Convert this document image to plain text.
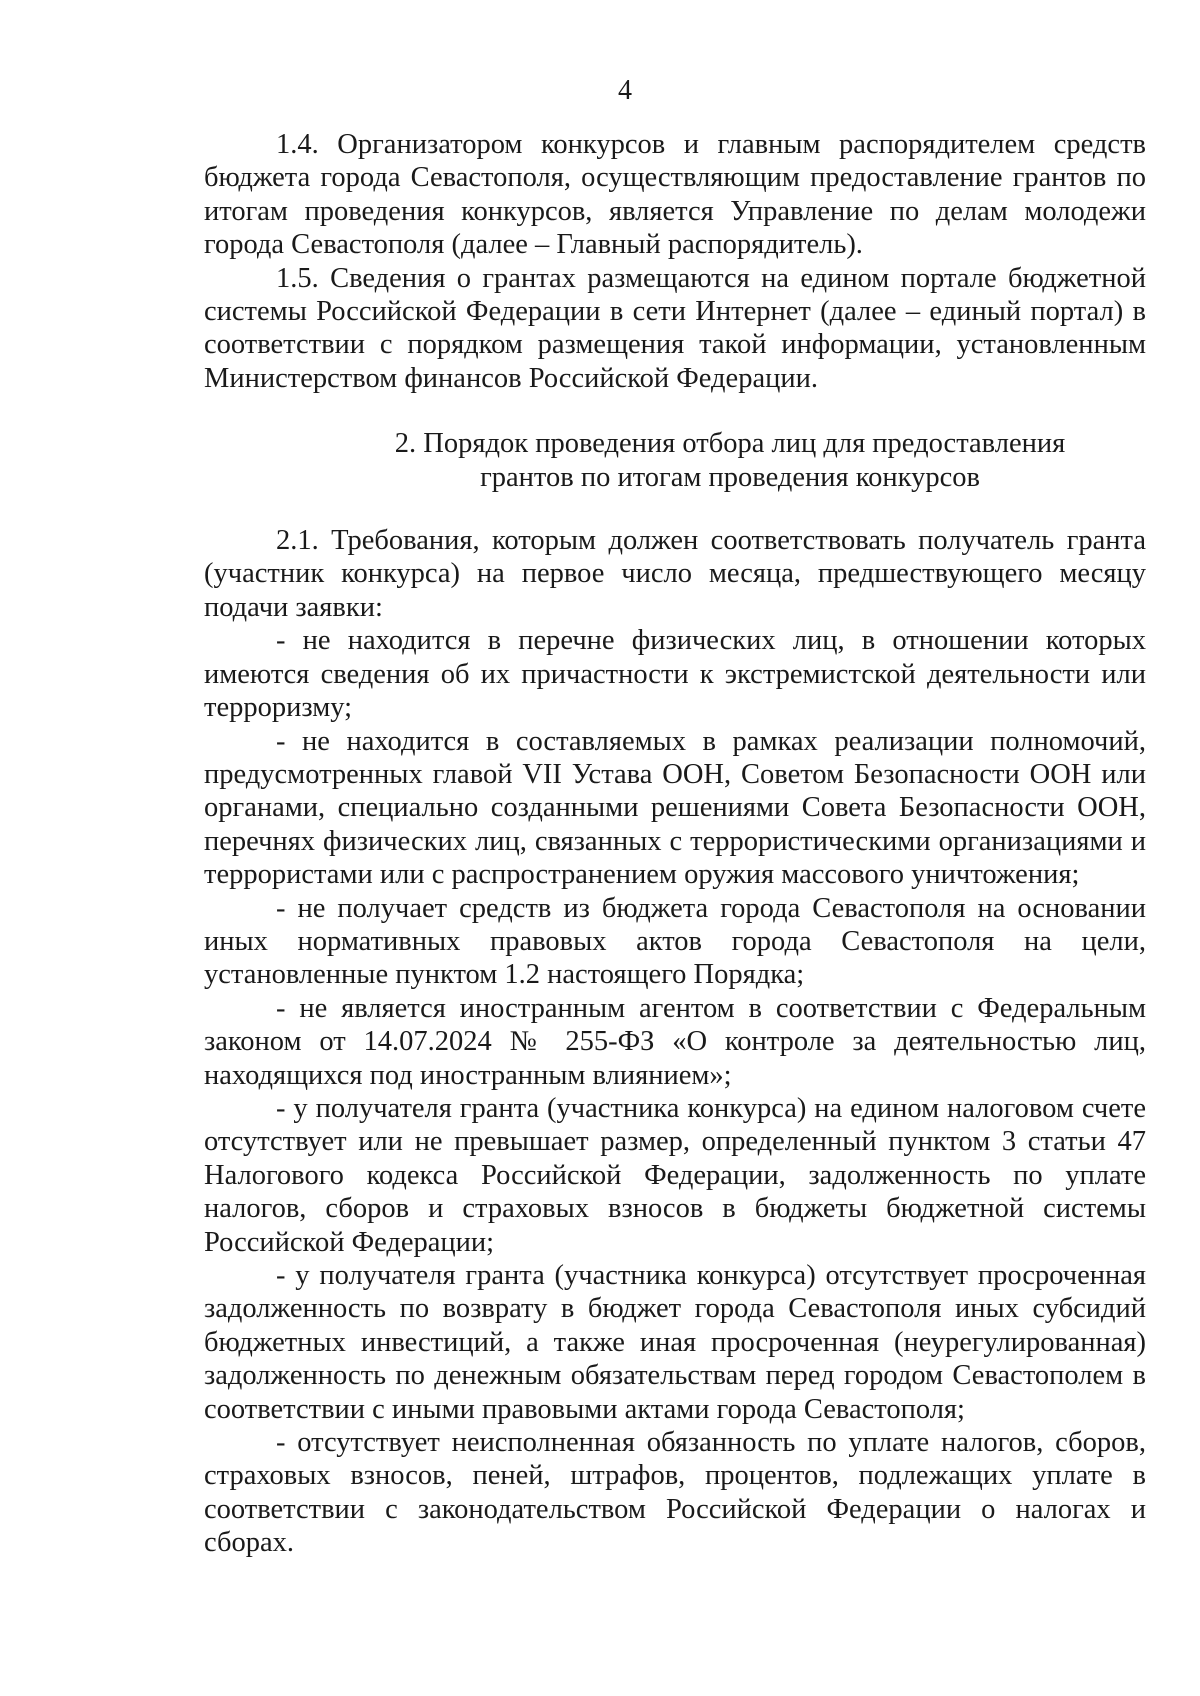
4

1.4. Организатором конкурсов и главным распорядителем средств бюджета города Севастополя, осуществляющим предоставление грантов по итогам проведения конкурсов, является Управление по делам молодежи города Севастополя (далее – Главный распорядитель).

1.5. Сведения о грантах размещаются на едином портале бюджетной системы Российской Федерации в сети Интернет (далее – единый портал) в соответствии с порядком размещения такой информации, установленным Министерством финансов Российской Федерации.

2. Порядок проведения отбора лиц для предоставления
грантов по итогам проведения конкурсов

2.1. Требования, которым должен соответствовать получатель гранта (участник конкурса) на первое число месяца, предшествующего месяцу подачи заявки:

- не находится в перечне физических лиц, в отношении которых имеются сведения об их причастности к экстремистской деятельности или терроризму;

- не находится в составляемых в рамках реализации полномочий, предусмотренных главой VII Устава ООН, Советом Безопасности ООН или органами, специально созданными решениями Совета Безопасности ООН, перечнях физических лиц, связанных с террористическими организациями и террористами или с распространением оружия массового уничтожения;

- не получает средств из бюджета города Севастополя на основании иных нормативных правовых актов города Севастополя на цели, установленные пунктом 1.2 настоящего Порядка;

- не является иностранным агентом в соответствии с Федеральным законом от 14.07.2024 № 255-ФЗ «О контроле за деятельностью лиц, находящихся под иностранным влиянием»;

- у получателя гранта (участника конкурса) на едином налоговом счете отсутствует или не превышает размер, определенный пунктом 3 статьи 47 Налогового кодекса Российской Федерации, задолженность по уплате налогов, сборов и страховых взносов в бюджеты бюджетной системы Российской Федерации;

- у получателя гранта (участника конкурса) отсутствует просроченная задолженность по возврату в бюджет города Севастополя иных субсидий бюджетных инвестиций, а также иная просроченная (неурегулированная) задолженность по денежным обязательствам перед городом Севастополем в соответствии с иными правовыми актами города Севастополя;

- отсутствует неисполненная обязанность по уплате налогов, сборов, страховых взносов, пеней, штрафов, процентов, подлежащих уплате в соответствии с законодательством Российской Федерации о налогах и сборах.
